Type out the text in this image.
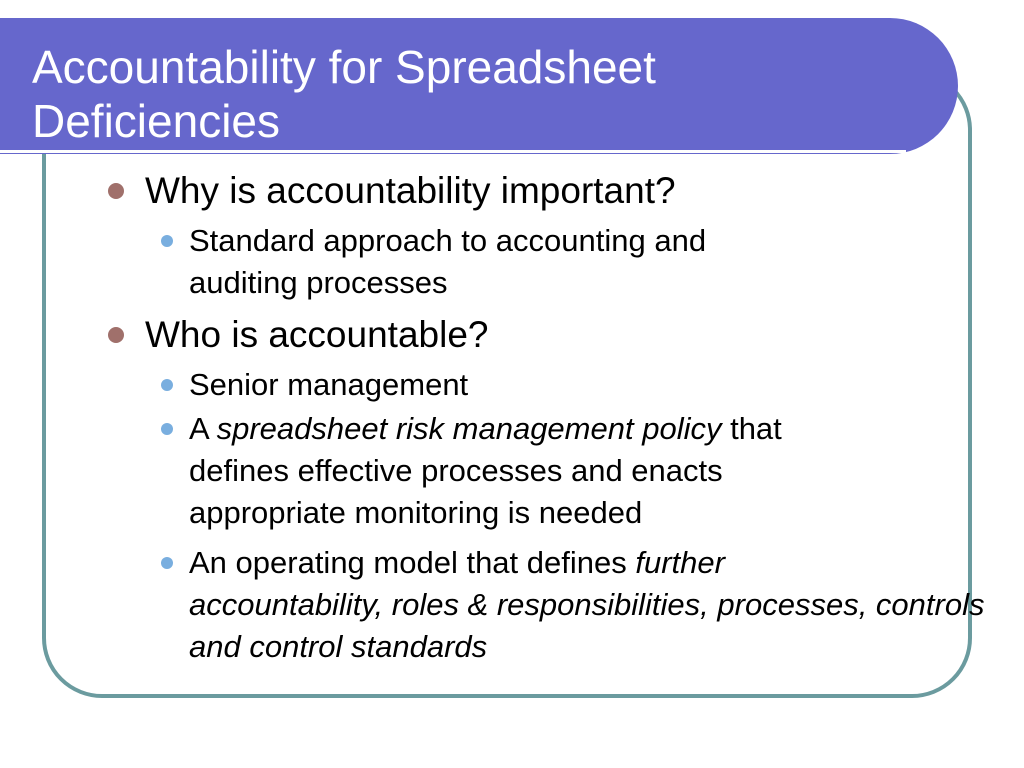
Accountability for Spreadsheet
Deficiencies
Why is accountability important?
Standard approach to accounting and
auditing processes
Who is accountable?
Senior management
A spreadsheet risk management policy that
defines effective processes and enacts
appropriate monitoring is needed
An operating model that defines further
accountability, roles & responsibilities, processes, controls and control standards
